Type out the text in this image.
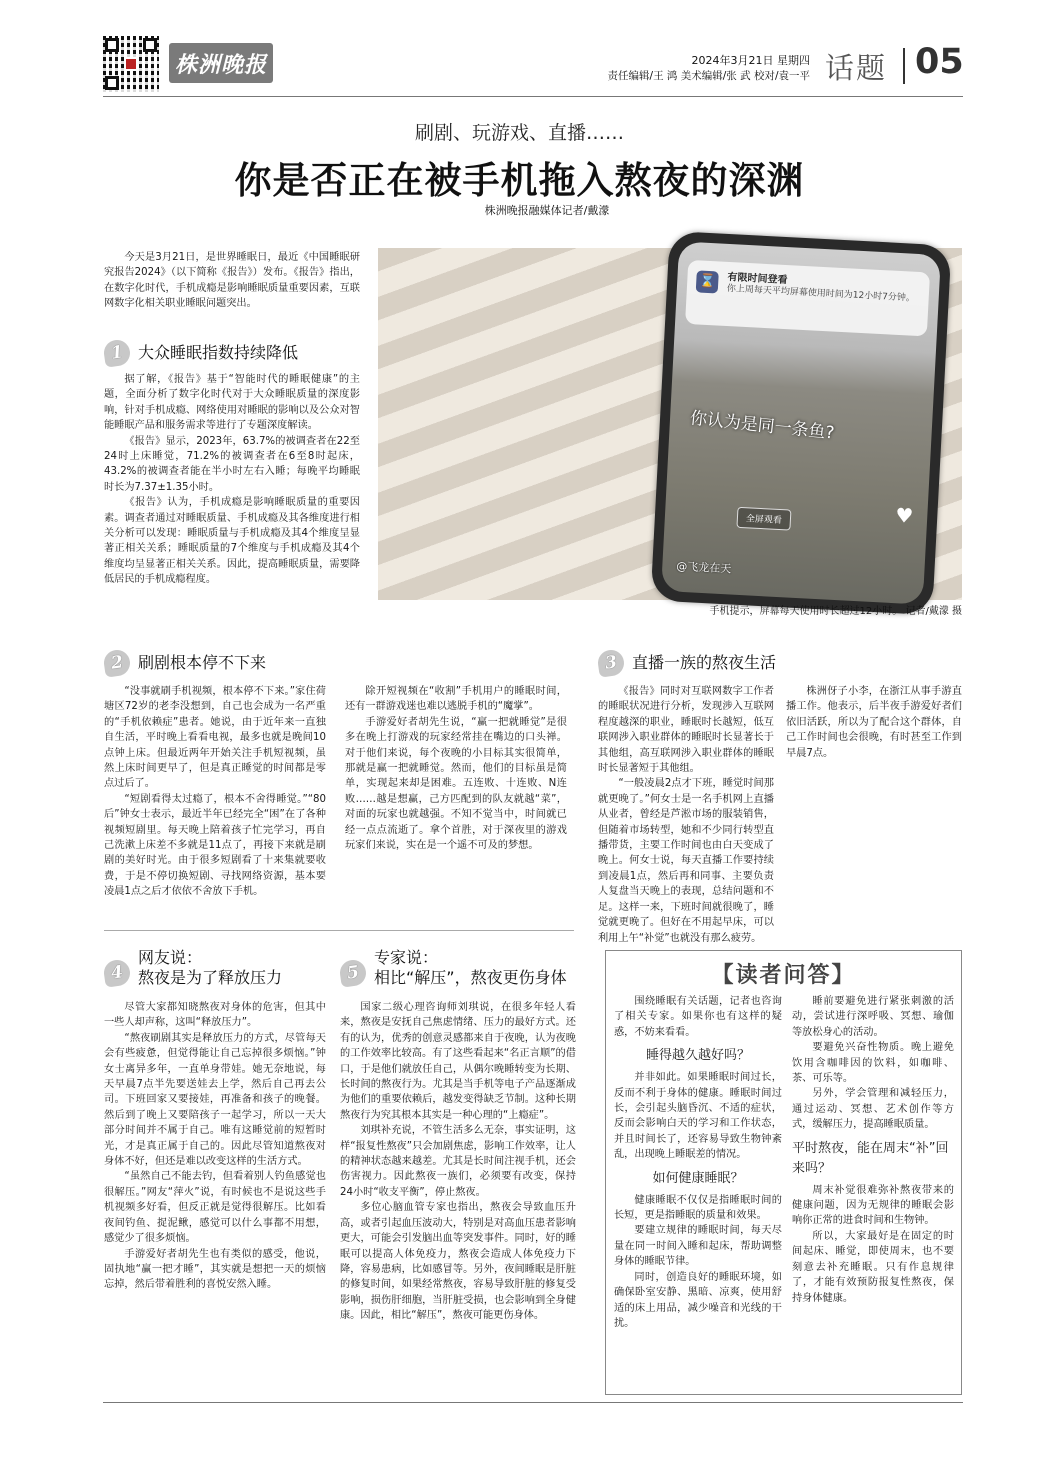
株洲晚报	2024年3月21日 星期四
责任编辑/王 鸿 美术编辑/张 武 校对/袁一平 话题 05
刷剧、玩游戏、直播……
你是否正在被手机拖入熬夜的深渊
株洲晚报融媒体记者/戴濛

今天是3月21日，是世界睡眠日，最近《中国睡眠研究报告2024》（以下简称《报告》）发布。《报告》指出，在数字化时代，手机成瘾是影响睡眠质量重要因素，互联网数字化相关职业睡眠问题突出。

⌛	有限时间登看
你上周每天平均屏幕使用时间为12小时7分钟。
你认为是同一条鱼?
全屏观看	♥
@飞龙在天
手机提示，屏幕每天使用时长超过12小时。 记者/戴濛 摄
1 大众睡眠指数持续降低

据了解，《报告》基于“智能时代的睡眠健康”的主题，全面分析了数字化时代对于大众睡眠质量的深度影响，针对手机成瘾、网络使用对睡眠的影响以及公众对智能睡眠产品和服务需求等进行了专题深度解读。

《报告》显示，2023年，63.7%的被调查者在22至24时上床睡觉，71.2%的被调查者在6至8时起床，43.2%的被调查者能在半小时左右入睡；每晚平均睡眠时长为7.37±1.35小时。

《报告》认为，手机成瘾是影响睡眠质量的重要因素。调查者通过对睡眠质量、手机成瘾及其各维度进行相关分析可以发现：睡眠质量与手机成瘾及其4个维度呈显著正相关关系；睡眠质量的7个维度与手机成瘾及其4个维度均呈显著正相关关系。因此，提高睡眠质量，需要降低居民的手机成瘾程度。

2 刷剧根本停不下来

“没事就刷手机视频，根本停不下来。”家住荷塘区72岁的老李没想到，自己也会成为一名严重的“手机依赖症”患者。她说，由于近年来一直独自生活，平时晚上看看电视，最多也就是晚间10点钟上床。但最近两年开始关注手机短视频，虽然上床时间更早了，但是真正睡觉的时间都是零点过后了。

“短剧看得太过瘾了，根本不舍得睡觉。”“80后”钟女士表示，最近半年已经完全“困”在了各种视频短剧里。每天晚上陪着孩子忙完学习，再自己洗漱上床差不多就是11点了，再接下来就是刷剧的美好时光。由于很多短剧看了十来集就要收费，于是不停切换短剧、寻找网络资源，基本要凌晨1点之后才依依不舍放下手机。

除开短视频在“收割”手机用户的睡眠时间，还有一群游戏迷也难以逃脱手机的“魔掌”。

手游爱好者胡先生说，“赢一把就睡觉”是很多在晚上打游戏的玩家经常挂在嘴边的口头禅。对于他们来说，每个夜晚的小目标其实很简单，那就是赢一把就睡觉。然而，他们的目标虽是简单，实现起来却是困难。五连败、十连败、N连败……越是想赢，己方匹配到的队友就越“菜”，对面的玩家也就越强。不知不觉当中，时间就已经一点点流逝了。拿个首胜，对于深夜里的游戏玩家们来说，实在是一个遥不可及的梦想。

3 直播一族的熬夜生活

《报告》同时对互联网数字工作者的睡眠状况进行分析，发现涉入互联网程度越深的职业，睡眠时长越短，低互联网涉入职业群体的睡眠时长显著长于其他组，高互联网涉入职业群体的睡眠时长显著短于其他组。

“一般凌晨2点才下班，睡觉时间那就更晚了。”何女士是一名手机网上直播从业者，曾经是芦淞市场的服装销售，但随着市场转型，她和不少同行转型直播带货，主要工作时间也由白天变成了晚上。何女士说，每天直播工作要持续到凌晨1点，然后再和同事、主要负责人复盘当天晚上的表现，总结问题和不足。这样一来，下班时间就很晚了，睡觉就更晚了。但好在不用起早床，可以利用上午“补觉”也就没有那么疲劳。

株洲伢子小李，在浙江从事手游直播工作。他表示，后半夜手游爱好者们依旧活跃，所以为了配合这个群体，自己工作时间也会很晚，有时甚至工作到早晨7点。

4
网友说：
熬夜是为了释放压力

尽管大家都知晓熬夜对身体的危害，但其中一些人却声称，这叫“释放压力”。

“熬夜刷剧其实是释放压力的方式，尽管每天会有些疲惫，但觉得能让自己忘掉很多烦恼。”钟女士离异多年，一直单身带娃。她无奈地说，每天早晨7点半先要送娃去上学，然后自己再去公司。下班回家又要接娃，再准备和孩子的晚餐。然后到了晚上又要陪孩子一起学习，所以一天大部分时间并不属于自己。唯有这睡觉前的短暂时光，才是真正属于自己的。因此尽管知道熬夜对身体不好，但还是难以改变这样的生活方式。

“虽然自己不能去钓，但看着别人钓鱼感觉也很解压。”网友“萍火”说，有时候也不是说这些手机视频多好看，但反正就是觉得很解压。比如看夜间钓鱼、捉泥鳅，感觉可以什么事都不用想，感觉少了很多烦恼。

手游爱好者胡先生也有类似的感受，他说，固执地“赢一把才睡”，其实就是想把一天的烦恼忘掉，然后带着胜利的喜悦安然入睡。

5
专家说：
相比“解压”，熬夜更伤身体

国家二级心理咨询师刘琪说，在很多年轻人看来，熬夜是安抚自己焦虑情绪、压力的最好方式。还有的认为，优秀的创意灵感都来自于夜晚，认为夜晚的工作效率比较高。有了这些看起来“名正言顺”的借口，于是他们就放任自己，从偶尔晚睡转变为长期、长时间的熬夜行为。尤其是当手机等电子产品逐渐成为他们的重要依赖后，越发变得缺乏节制。这种长期熬夜行为究其根本其实是一种心理的“上瘾症”。

刘琪补充说，不管生活多么无奈，事实证明，这样“报复性熬夜”只会加剧焦虑，影响工作效率，让人的精神状态越来越差。尤其是长时间注视手机，还会伤害视力。因此熬夜一族们，必须要有改变，保持24小时“收支平衡”，停止熬夜。

多位心脑血管专家也指出，熬夜会导致血压升高，或者引起血压波动大，特别是对高血压患者影响更大，可能会引发脑出血等突发事件。同时，好的睡眠可以提高人体免疫力，熬夜会造成人体免疫力下降，容易患病，比如感冒等。另外，夜间睡眠是肝脏的修复时间，如果经常熬夜，容易导致肝脏的修复受影响，损伤肝细胞，当肝脏受损，也会影响到全身健康。因此，相比“解压”，熬夜可能更伤身体。

【读者问答】

围绕睡眠有关话题，记者也咨询了相关专家。如果你也有这样的疑惑，不妨来看看。

睡得越久越好吗？

并非如此。如果睡眠时间过长，反而不利于身体的健康。睡眠时间过长，会引起头脑昏沉、不适的症状，反而会影响白天的学习和工作状态，并且时间长了，还容易导致生物钟紊乱，出现晚上睡眠差的情况。

如何健康睡眠？

健康睡眠不仅仅是指睡眠时间的长短，更是指睡眠的质量和效果。

要建立规律的睡眠时间，每天尽量在同一时间入睡和起床，帮助调整身体的睡眠节律。

同时，创造良好的睡眠环境，如确保卧室安静、黑暗、凉爽，使用舒适的床上用品，减少噪音和光线的干扰。

睡前要避免进行紧张刺激的活动，尝试进行深呼吸、冥想、瑜伽等放松身心的活动。

要避免兴奋性物质。晚上避免饮用含咖啡因的饮料，如咖啡、茶、可乐等。

另外，学会管理和减轻压力，通过运动、冥想、艺术创作等方式，缓解压力，提高睡眠质量。

平时熬夜，能在周末“补”回来吗？

周末补觉很难弥补熬夜带来的健康问题，因为无规律的睡眠会影响你正常的进食时间和生物钟。

所以，大家最好是在固定的时间起床、睡觉，即使周末，也不要刻意去补充睡眠。只有作息规律了，才能有效预防报复性熬夜，保持身体健康。
